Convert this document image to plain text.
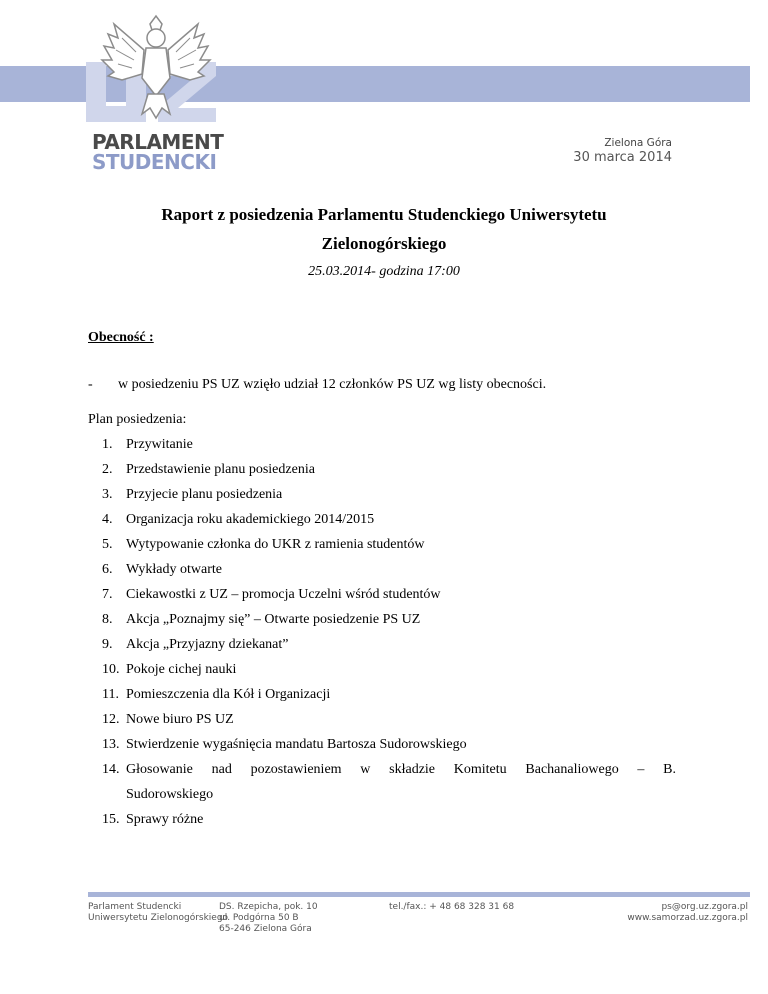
PARLAMENT
STUDENCKI
Zielona Góra
30 marca 2014
Raport z posiedzenia Parlamentu Studenckiego Uniwersytetu
Zielonogórskiego
25.03.2014- godzina 17:00
Obecność :
- w posiedzeniu PS UZ wzięło udział 12 członków PS UZ wg listy obecności.
Plan posiedzenia:
1. Przywitanie
2. Przedstawienie planu posiedzenia
3. Przyjecie planu posiedzenia
4. Organizacja roku akademickiego 2014/2015
5. Wytypowanie członka do UKR z ramienia studentów
6. Wykłady otwarte
7. Ciekawostki z UZ – promocja Uczelni wśród studentów
8. Akcja „Poznajmy się” – Otwarte posiedzenie PS UZ
9. Akcja „Przyjazny dziekanat”
10. Pokoje cichej nauki
11. Pomieszczenia dla Kół i Organizacji
12. Nowe biuro PS UZ
13. Stwierdzenie wygaśnięcia mandatu Bartosza Sudorowskiego
14.
Sudorowskiego
15. Sprawy różne
Głosowanie nad pozostawieniem w składzie Komitetu Bachanaliowego – B.
Parlament Studencki
Uniwersytetu Zielonogórskiego
DS. Rzepicha, pok. 10
ul. Podgórna 50 B
65-246 Zielona Góra
tel./fax.: + 48 68 328 31 68	ps@org.uz.zgora.pl
www.samorzad.uz.zgora.pl
